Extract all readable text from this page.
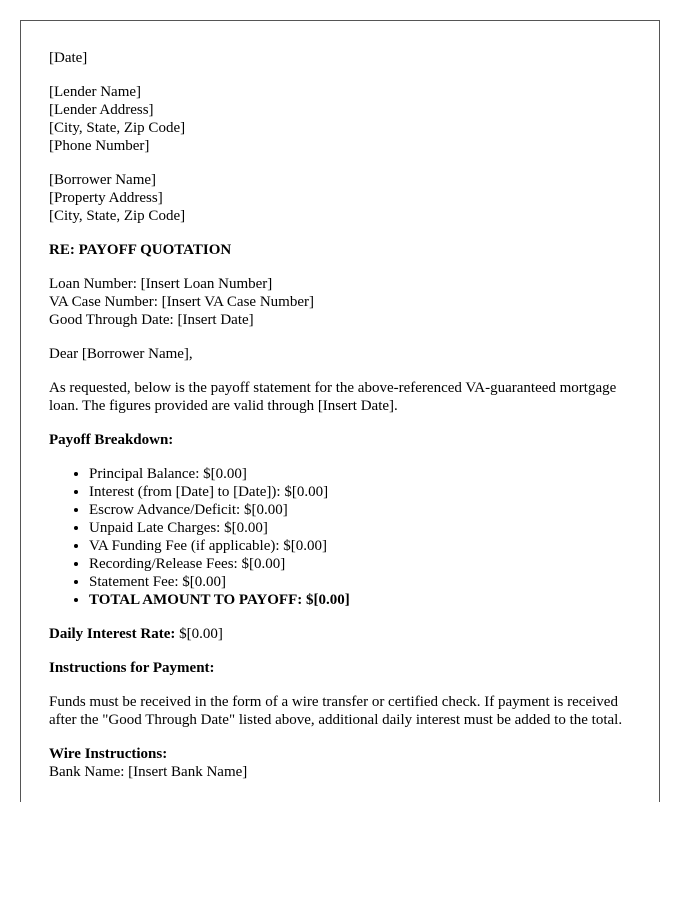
[Date]
[Lender Name]
[Lender Address]
[City, State, Zip Code]
[Phone Number]
[Borrower Name]
[Property Address]
[City, State, Zip Code]
RE: PAYOFF QUOTATION
Loan Number: [Insert Loan Number]
VA Case Number: [Insert VA Case Number]
Good Through Date: [Insert Date]
Dear [Borrower Name],

As requested, below is the payoff statement for the above-referenced VA-guaranteed mortgage loan. The figures provided are valid through [Insert Date].

Payoff Breakdown:
• Principal Balance: $[0.00]
• Interest (from [Date] to [Date]): $[0.00]
• Escrow Advance/Deficit: $[0.00]
• Unpaid Late Charges: $[0.00]
• VA Funding Fee (if applicable): $[0.00]
• Recording/Release Fees: $[0.00]
• Statement Fee: $[0.00]
• TOTAL AMOUNT TO PAYOFF: $[0.00]
Daily Interest Rate: $[0.00]
Instructions for Payment:

Funds must be received in the form of a wire transfer or certified check. If payment is received after the "Good Through Date" listed above, additional daily interest must be added to the total.

Wire Instructions:
Bank Name: [Insert Bank Name]
